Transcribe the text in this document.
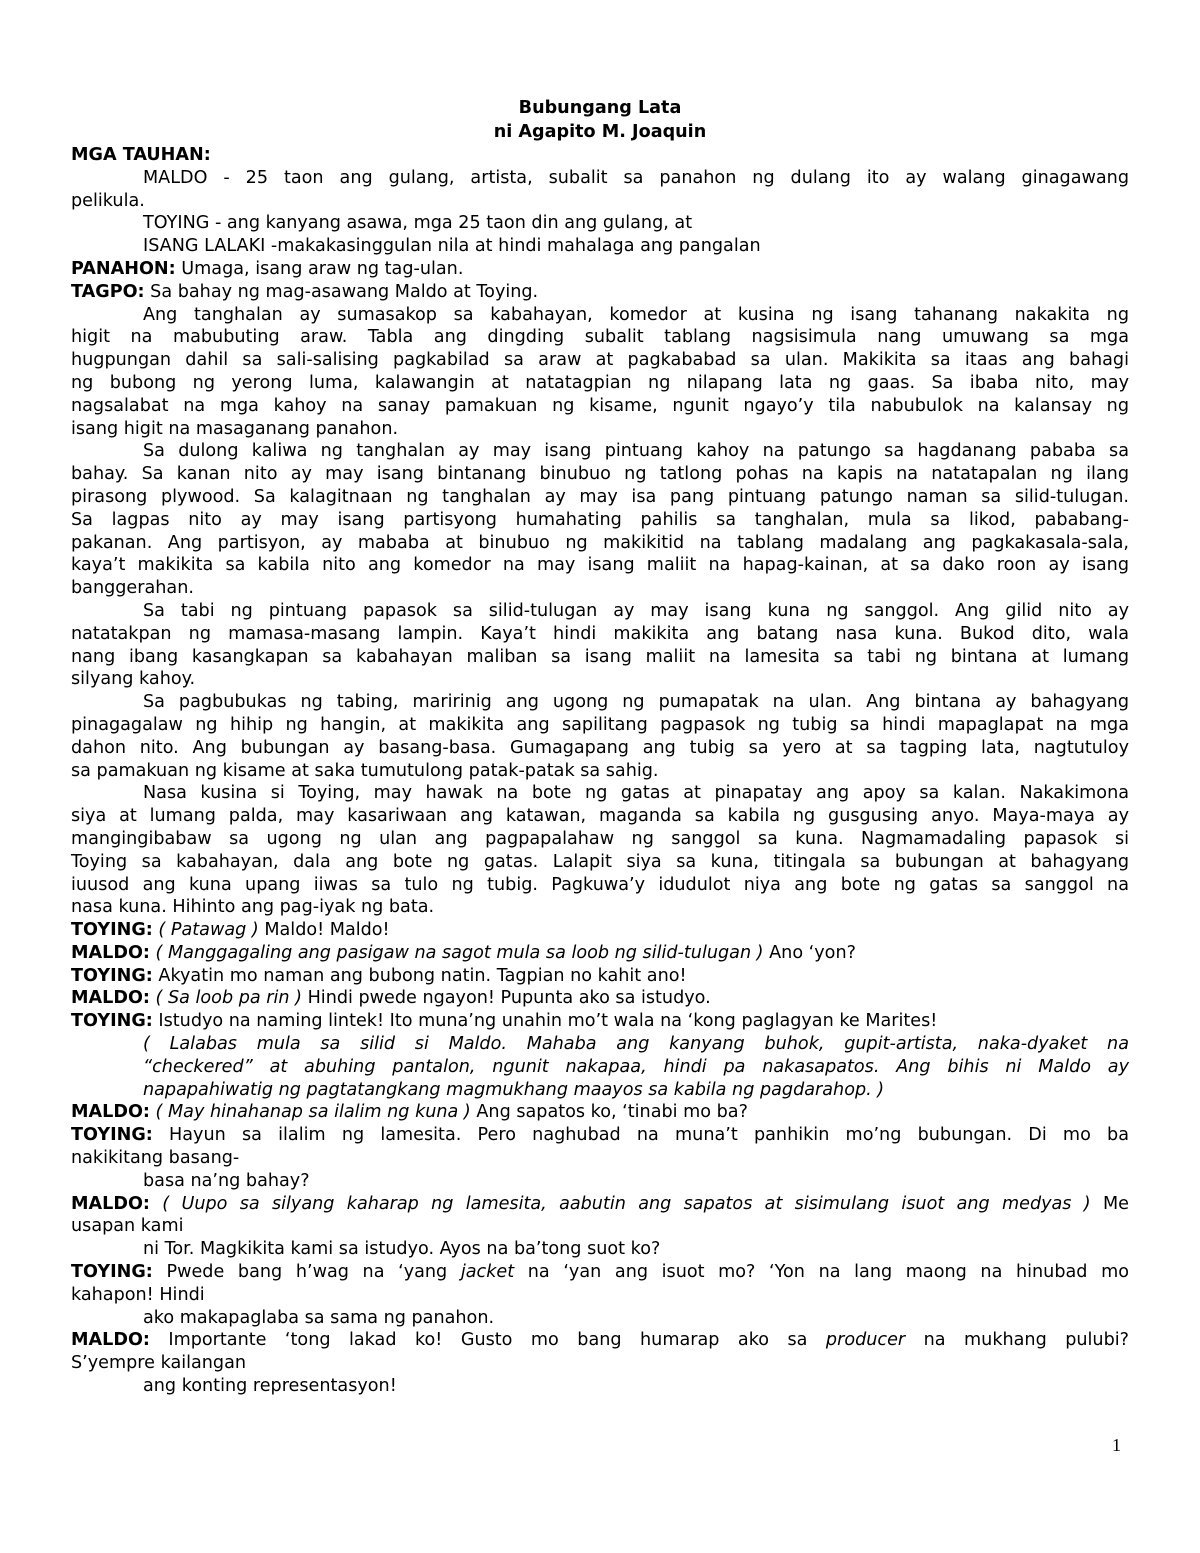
Bubungang Lata

ni Agapito M. Joaquin

MGA TAUHAN:

MALDO - 25 taon ang gulang, artista, subalit sa panahon ng dulang ito ay walang ginagawang

pelikula.

TOYING - ang kanyang asawa, mga 25 taon din ang gulang, at

ISANG LALAKI -makakasinggulan nila at hindi mahalaga ang pangalan

PANAHON: Umaga, isang araw ng tag-ulan.

TAGPO: Sa bahay ng mag-asawang Maldo at Toying.

Ang tanghalan ay sumasakop sa kabahayan, komedor at kusina ng isang tahanang nakakita ng

higit na mabubuting araw. Tabla ang dingding subalit tablang nagsisimula nang umuwang sa mga

hugpungan dahil sa sali-salising pagkabilad sa araw at pagkababad sa ulan. Makikita sa itaas ang bahagi

ng bubong ng yerong luma, kalawangin at natatagpian ng nilapang lata ng gaas. Sa ibaba nito, may

nagsalabat na mga kahoy na sanay pamakuan ng kisame, ngunit ngayo’y tila nabubulok na kalansay ng

isang higit na masaganang panahon.

Sa dulong kaliwa ng tanghalan ay may isang pintuang kahoy na patungo sa hagdanang pababa sa

bahay. Sa kanan nito ay may isang bintanang binubuo ng tatlong pohas na kapis na natatapalan ng ilang

pirasong plywood. Sa kalagitnaan ng tanghalan ay may isa pang pintuang patungo naman sa silid-tulugan.

Sa lagpas nito ay may isang partisyong humahating pahilis sa tanghalan, mula sa likod, pababang-

pakanan. Ang partisyon, ay mababa at binubuo ng makikitid na tablang madalang ang pagkakasala-sala,

kaya’t makikita sa kabila nito ang komedor na may isang maliit na hapag-kainan, at sa dako roon ay isang

banggerahan.

Sa tabi ng pintuang papasok sa silid-tulugan ay may isang kuna ng sanggol. Ang gilid nito ay

natatakpan ng mamasa-masang lampin. Kaya’t hindi makikita ang batang nasa kuna. Bukod dito, wala

nang ibang kasangkapan sa kabahayan maliban sa isang maliit na lamesita sa tabi ng bintana at lumang

silyang kahoy.

Sa pagbubukas ng tabing, maririnig ang ugong ng pumapatak na ulan. Ang bintana ay bahagyang

pinagagalaw ng hihip ng hangin, at makikita ang sapilitang pagpasok ng tubig sa hindi mapaglapat na mga

dahon nito. Ang bubungan ay basang-basa. Gumagapang ang tubig sa yero at sa tagping lata, nagtutuloy

sa pamakuan ng kisame at saka tumutulong patak-patak sa sahig.

Nasa kusina si Toying, may hawak na bote ng gatas at pinapatay ang apoy sa kalan. Nakakimona

siya at lumang palda, may kasariwaan ang katawan, maganda sa kabila ng gusgusing anyo. Maya-maya ay

mangingibabaw sa ugong ng ulan ang pagpapalahaw ng sanggol sa kuna. Nagmamadaling papasok si

Toying sa kabahayan, dala ang bote ng gatas. Lalapit siya sa kuna, titingala sa bubungan at bahagyang

iuusod ang kuna upang iiwas sa tulo ng tubig. Pagkuwa’y idudulot niya ang bote ng gatas sa sanggol na

nasa kuna. Hihinto ang pag-iyak ng bata.

TOYING: ( Patawag ) Maldo! Maldo!

MALDO: ( Manggagaling ang pasigaw na sagot mula sa loob ng silid-tulugan ) Ano ‘yon?

TOYING: Akyatin mo naman ang bubong natin. Tagpian no kahit ano!

MALDO: ( Sa loob pa rin ) Hindi pwede ngayon! Pupunta ako sa istudyo.

TOYING: Istudyo na naming lintek! Ito muna’ng unahin mo’t wala na ‘kong paglagyan ke Marites!

( Lalabas mula sa silid si Maldo. Mahaba ang kanyang buhok, gupit-artista, naka-dyaket na

“checkered” at abuhing pantalon, ngunit nakapaa, hindi pa nakasapatos. Ang bihis ni Maldo ay

napapahiwatig ng pagtatangkang magmukhang maayos sa kabila ng pagdarahop. )

MALDO: ( May hinahanap sa ilalim ng kuna ) Ang sapatos ko, ‘tinabi mo ba?

TOYING: Hayun sa ilalim ng lamesita. Pero naghubad na muna’t panhikin mo’ng bubungan. Di mo ba

nakikitang basang-

basa na’ng bahay?

MALDO: ( Uupo sa silyang kaharap ng lamesita, aabutin ang sapatos at sisimulang isuot ang medyas ) Me

usapan kami

ni Tor. Magkikita kami sa istudyo. Ayos na ba’tong suot ko?

TOYING: Pwede bang h’wag na ‘yang jacket na ‘yan ang isuot mo? ‘Yon na lang maong na hinubad mo

kahapon! Hindi

ako makapaglaba sa sama ng panahon.

MALDO: Importante ‘tong lakad ko! Gusto mo bang humarap ako sa producer na mukhang pulubi?

S’yempre kailangan

ang konting representasyon!

1
